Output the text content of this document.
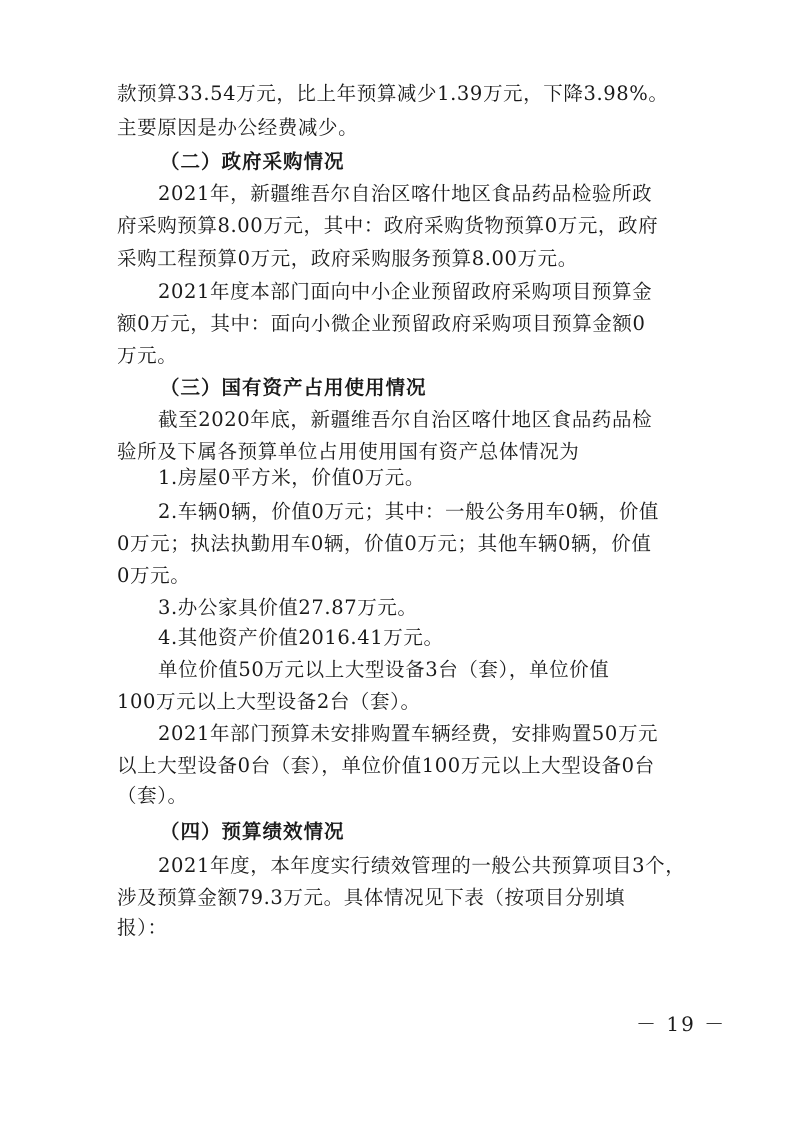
款预算33.54万元，比上年预算减少1.39万元，下降3.98%。
主要原因是办公经费减少。
（二）政府采购情况
2021年，新疆维吾尔自治区喀什地区食品药品检验所政
府采购预算8.00万元，其中：政府采购货物预算0万元，政府
采购工程预算0万元，政府采购服务预算8.00万元。
2021年度本部门面向中小企业预留政府采购项目预算金
额0万元，其中：面向小微企业预留政府采购项目预算金额0
万元。
（三）国有资产占用使用情况
截至2020年底，新疆维吾尔自治区喀什地区食品药品检
验所及下属各预算单位占用使用国有资产总体情况为
1.房屋0平方米，价值0万元。
2.车辆0辆，价值0万元；其中：一般公务用车0辆，价值
0万元；执法执勤用车0辆，价值0万元；其他车辆0辆，价值
0万元。
3.办公家具价值27.87万元。
4.其他资产价值2016.41万元。
单位价值50万元以上大型设备3台（套），单位价值
100万元以上大型设备2台（套）。
2021年部门预算未安排购置车辆经费，安排购置50万元
以上大型设备0台（套），单位价值100万元以上大型设备0台
（套）。
（四）预算绩效情况
2021年度，本年度实行绩效管理的一般公共预算项目3个，
涉及预算金额79.3万元。具体情况见下表（按项目分别填
报）：
－ 19 －
